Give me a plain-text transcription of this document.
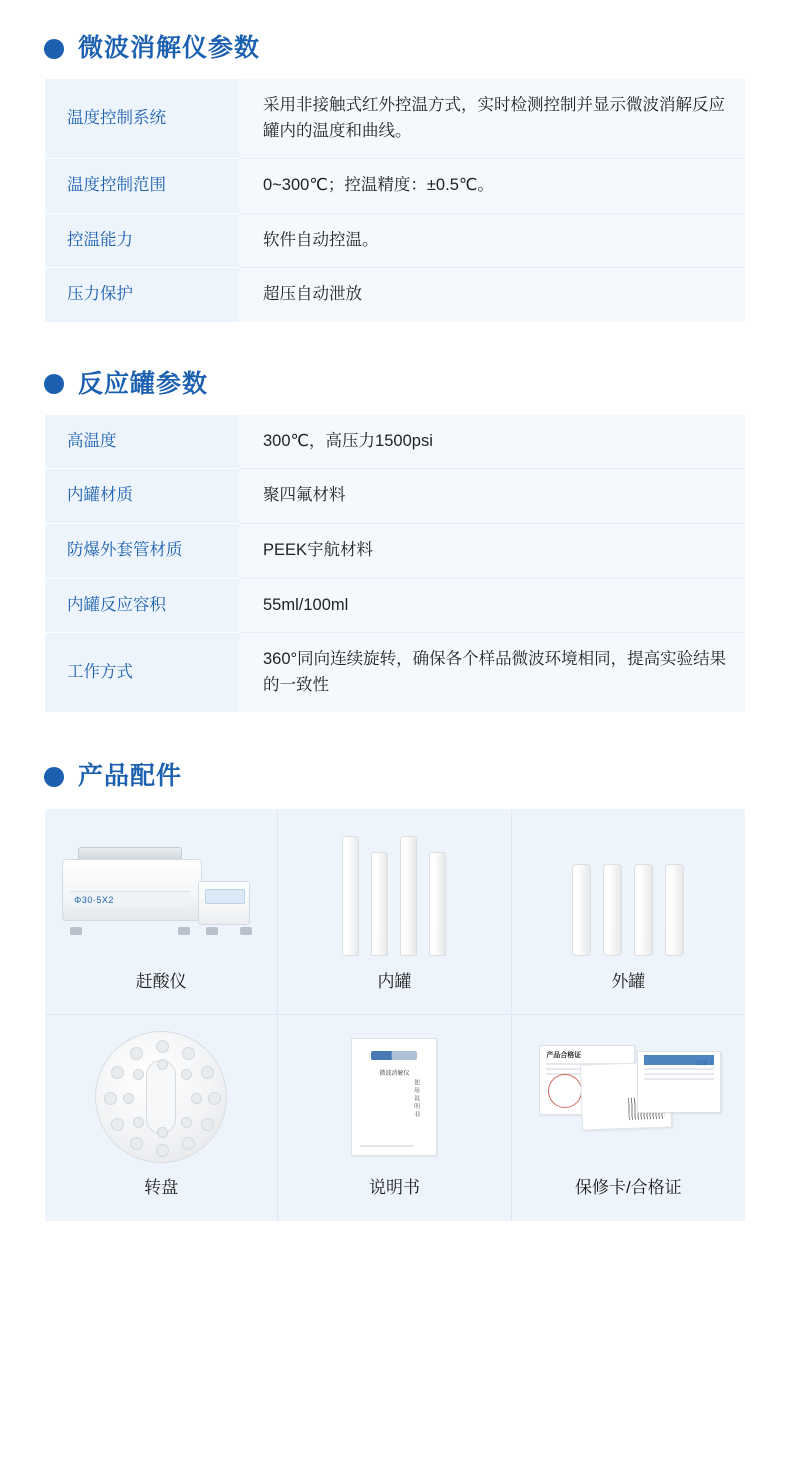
微波消解仪参数
温度控制系统	采用非接触式红外控温方式，实时检测控制并显示微波消解反应罐内的温度和曲线。
温度控制范围	0~300℃；控温精度：±0.5℃。
控温能力	软件自动控温。
压力保护	超压自动泄放
反应罐参数
高温度	300℃，高压力1500psi
内罐材质	聚四氟材料
防爆外套管材质	PEEK宇航材料
内罐反应容积	55ml/100ml
工作方式	360°同向连续旋转，确保各个样品微波环境相同，提高实验结果的一致性
产品配件
Φ30·5X2
赶酸仪	内罐	外罐
转盘
微波消解仪
使用说明书
说明书
产品合格证

保修卡
保修卡/合格证
